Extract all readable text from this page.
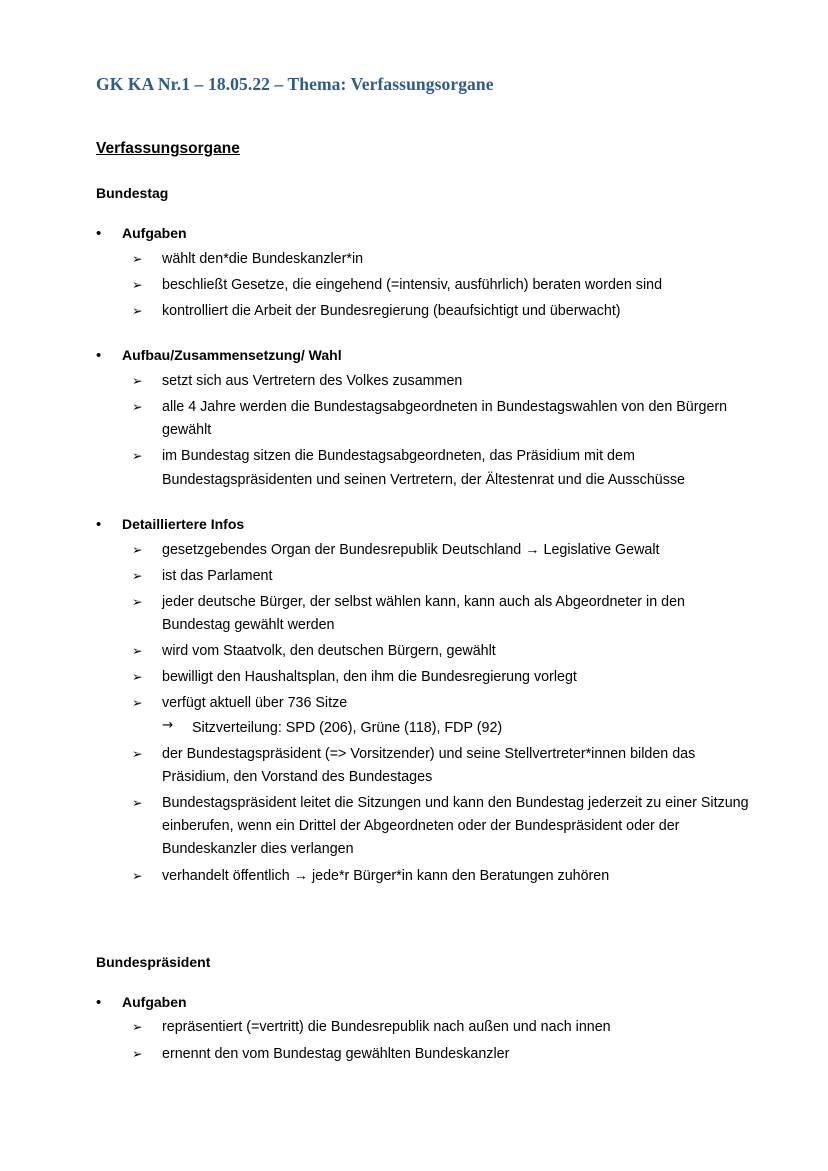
GK KA Nr.1 – 18.05.22 – Thema: Verfassungsorgane
Verfassungsorgane
Bundestag
•	Aufgaben
➢	wählt den*die Bundeskanzler*in
➢	beschließt Gesetze, die eingehend (=intensiv, ausführlich) beraten worden sind
➢	kontrolliert die Arbeit der Bundesregierung (beaufsichtigt und überwacht)
•	Aufbau/Zusammensetzung/ Wahl
➢	setzt sich aus Vertretern des Volkes zusammen
➢	alle 4 Jahre werden die Bundestagsabgeordneten in Bundestagswahlen von den Bürgern gewählt
➢	im Bundestag sitzen die Bundestagsabgeordneten, das Präsidium mit dem Bundestagspräsidenten und seinen Vertretern, der Ältestenrat und die Ausschüsse
•	Detailliertere Infos
➢	gesetzgebendes Organ der Bundesrepublik Deutschland → Legislative Gewalt
➢	ist das Parlament
➢	jeder deutsche Bürger, der selbst wählen kann, kann auch als Abgeordneter in den Bundestag gewählt werden
➢	wird vom Staatvolk, den deutschen Bürgern, gewählt
➢	bewilligt den Haushaltsplan, den ihm die Bundesregierung vorlegt
➢	verfügt aktuell über 736 Sitze
→	Sitzverteilung: SPD (206), Grüne (118), FDP (92)
➢	der Bundestagspräsident (=> Vorsitzender) und seine Stellvertreter*innen bilden das Präsidium, den Vorstand des Bundestages
➢	Bundestagspräsident leitet die Sitzungen und kann den Bundestag jederzeit zu einer Sitzung einberufen, wenn ein Drittel der Abgeordneten oder der Bundespräsident oder der Bundeskanzler dies verlangen
➢	verhandelt öffentlich → jede*r Bürger*in kann den Beratungen zuhören
Bundespräsident
•	Aufgaben
➢	repräsentiert (=vertritt) die Bundesrepublik nach außen und nach innen
➢	ernennt den vom Bundestag gewählten Bundeskanzler
